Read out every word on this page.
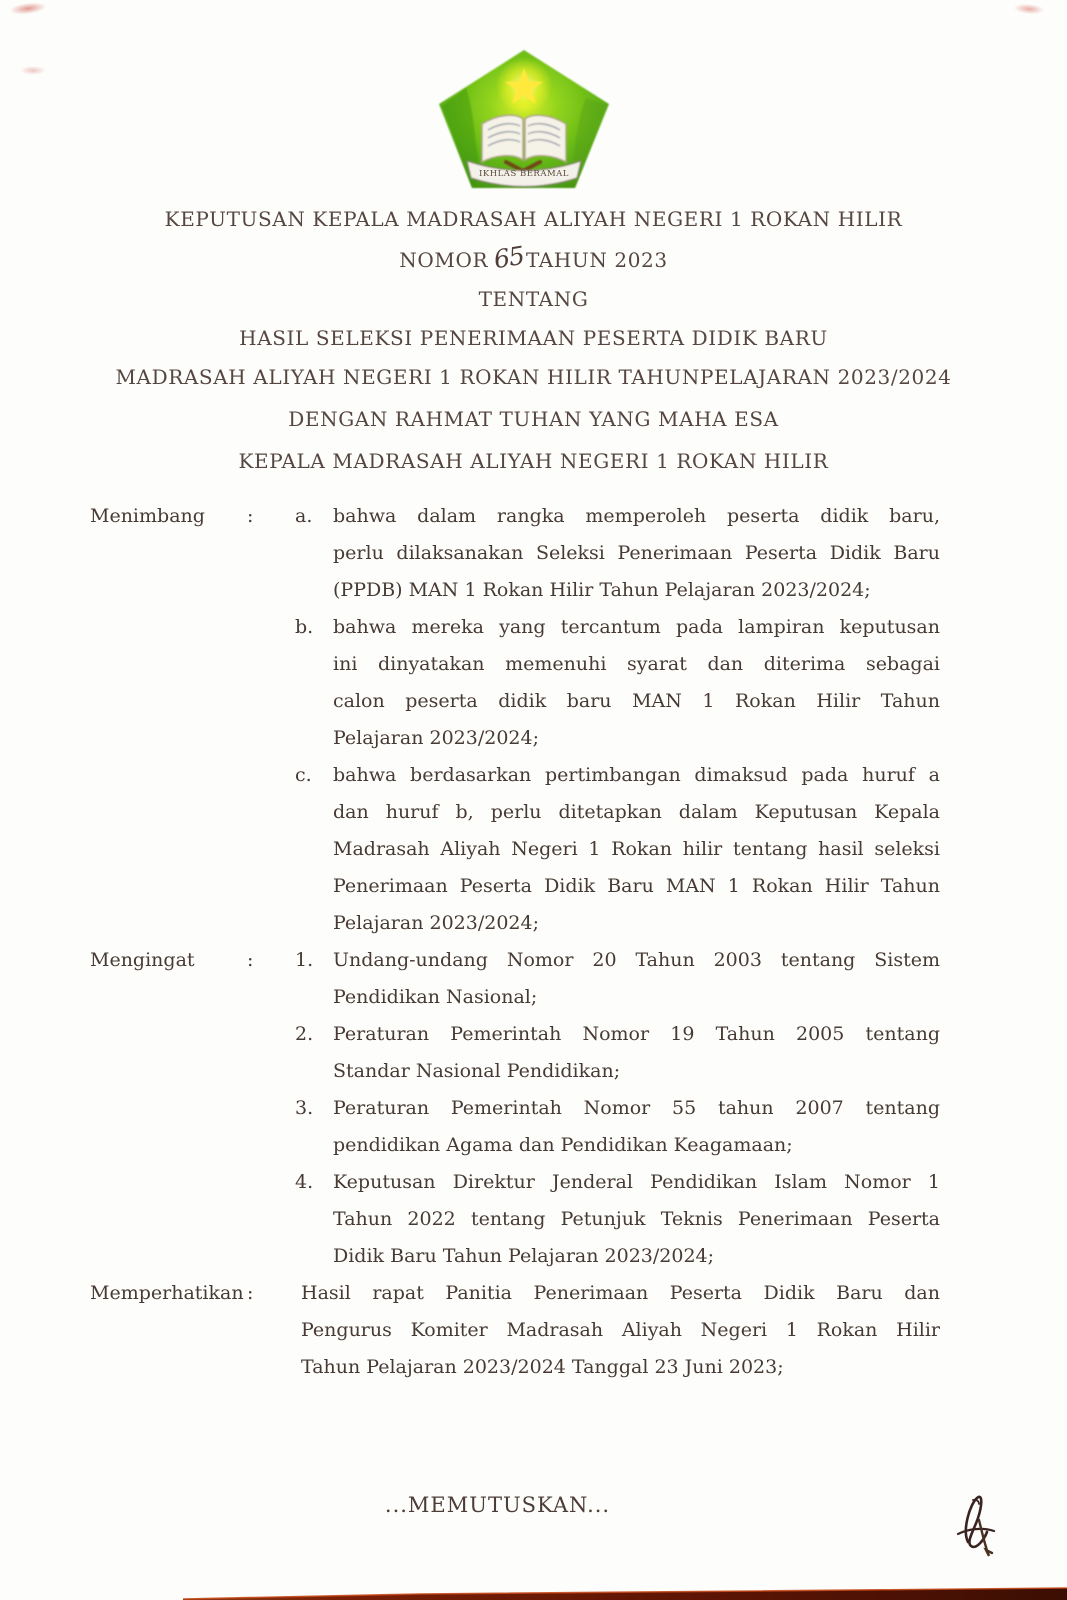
IKHLAS BERAMAL
KEPUTUSAN KEPALA MADRASAH ALIYAH NEGERI 1 ROKAN HILIR
NOMOR 65TAHUN 2023
TENTANG
HASIL SELEKSI PENERIMAAN PESERTA DIDIK BARU
MADRASAH ALIYAH NEGERI 1 ROKAN HILIR TAHUNPELAJARAN 2023/2024
DENGAN RAHMAT TUHAN YANG MAHA ESA
KEPALA MADRASAH ALIYAH NEGERI 1 ROKAN HILIR
Menimbang : a. bahwa dalam rangka memperoleh peserta didik baru,
perlu dilaksanakan Seleksi Penerimaan Peserta Didik Baru
(PPDB) MAN 1 Rokan Hilir Tahun Pelajaran 2023/2024;
b. bahwa mereka yang tercantum pada lampiran keputusan
ini dinyatakan memenuhi syarat dan diterima sebagai
calon peserta didik baru MAN 1 Rokan Hilir Tahun
Pelajaran 2023/2024;
c. bahwa berdasarkan pertimbangan dimaksud pada huruf a
dan huruf b, perlu ditetapkan dalam Keputusan Kepala
Madrasah Aliyah Negeri 1 Rokan hilir tentang hasil seleksi
Penerimaan Peserta Didik Baru MAN 1 Rokan Hilir Tahun
Pelajaran 2023/2024;
Mengingat	: 1. Undang-undang Nomor 20 Tahun 2003 tentang Sistem
Pendidikan Nasional;
2. Peraturan Pemerintah Nomor 19 Tahun 2005 tentang
Standar Nasional Pendidikan;
3. Peraturan Pemerintah Nomor 55 tahun 2007 tentang
pendidikan Agama dan Pendidikan Keagamaan;
4. Keputusan Direktur Jenderal Pendidikan Islam Nomor 1
Tahun 2022 tentang Petunjuk Teknis Penerimaan Peserta
Didik Baru Tahun Pelajaran 2023/2024;
Memperhatikan :	Hasil rapat Panitia Penerimaan Peserta Didik Baru dan
Pengurus Komiter Madrasah Aliyah Negeri 1 Rokan Hilir
Tahun Pelajaran 2023/2024 Tanggal 23 Juni 2023;
...MEMUTUSKAN...
